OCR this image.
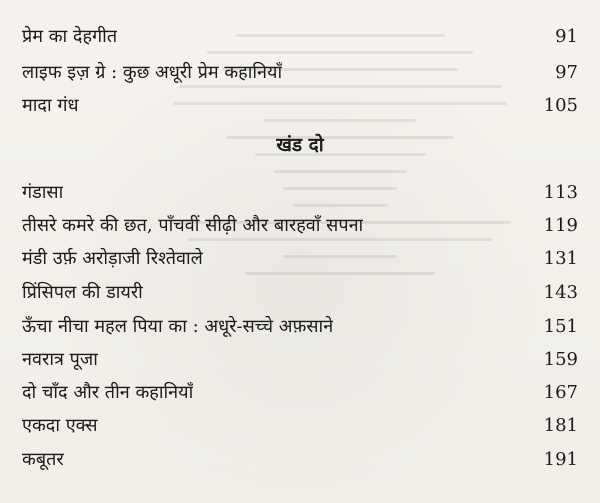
प्रेम का देहगीत	91
लाइफ इज़ ग्रे : कुछ अधूरी प्रेम कहानियाँ	97
मादा गंध	105
खंड दो
गंडासा	113
तीसरे कमरे की छत, पाँचवीं सीढ़ी और बारहवाँ सपना	119
मंडी उर्फ़ अरोड़ाजी रिश्तेवाले	131
प्रिंसिपल की डायरी	143
ऊँचा नीचा महल पिया का : अधूरे-सच्चे अफ़साने	151
नवरात्र पूजा	159
दो चाँद और तीन कहानियाँ	167
एकदा एक्स	181
कबूतर	191
